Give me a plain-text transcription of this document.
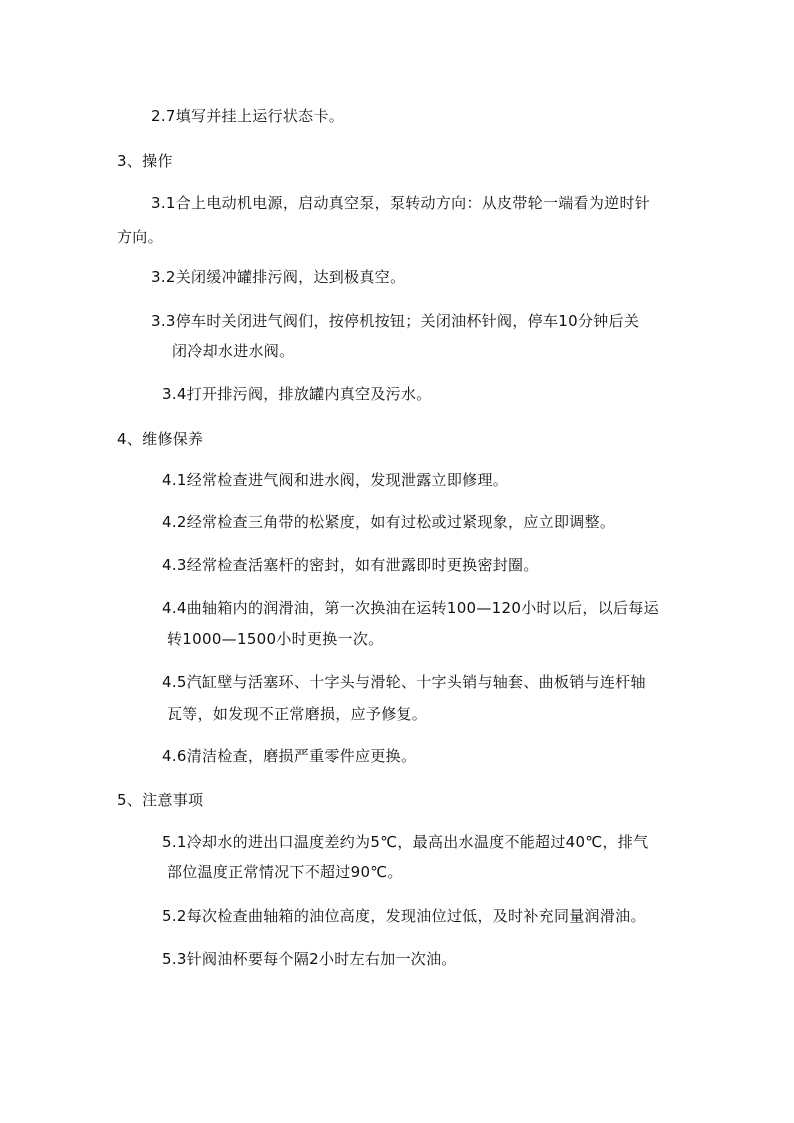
2.7填写并挂上运行状态卡。
3、操作
3.1合上电动机电源，启动真空泵，泵转动方向：从皮带轮一端看为逆时针
方向。
3.2关闭缓冲罐排污阀，达到极真空。
3.3停车时关闭进气阀们，按停机按钮；关闭油杯针阀，停车10分钟后关
闭冷却水进水阀。
3.4打开排污阀，排放罐内真空及污水。
4、维修保养
4.1经常检查进气阀和进水阀，发现泄露立即修理。
4.2经常检查三角带的松紧度，如有过松或过紧现象，应立即调整。
4.3经常检查活塞杆的密封，如有泄露即时更换密封圈。
4.4曲轴箱内的润滑油，第一次换油在运转100—120小时以后，以后每运
转1000—1500小时更换一次。
4.5汽缸壁与活塞环、十字头与滑轮、十字头销与轴套、曲板销与连杆轴
瓦等，如发现不正常磨损，应予修复。
4.6清洁检查，磨损严重零件应更换。
5、注意事项
5.1冷却水的进出口温度差约为5℃，最高出水温度不能超过40℃，排气
部位温度正常情况下不超过90℃。
5.2每次检查曲轴箱的油位高度，发现油位过低，及时补充同量润滑油。
5.3针阀油杯要每个隔2小时左右加一次油。
